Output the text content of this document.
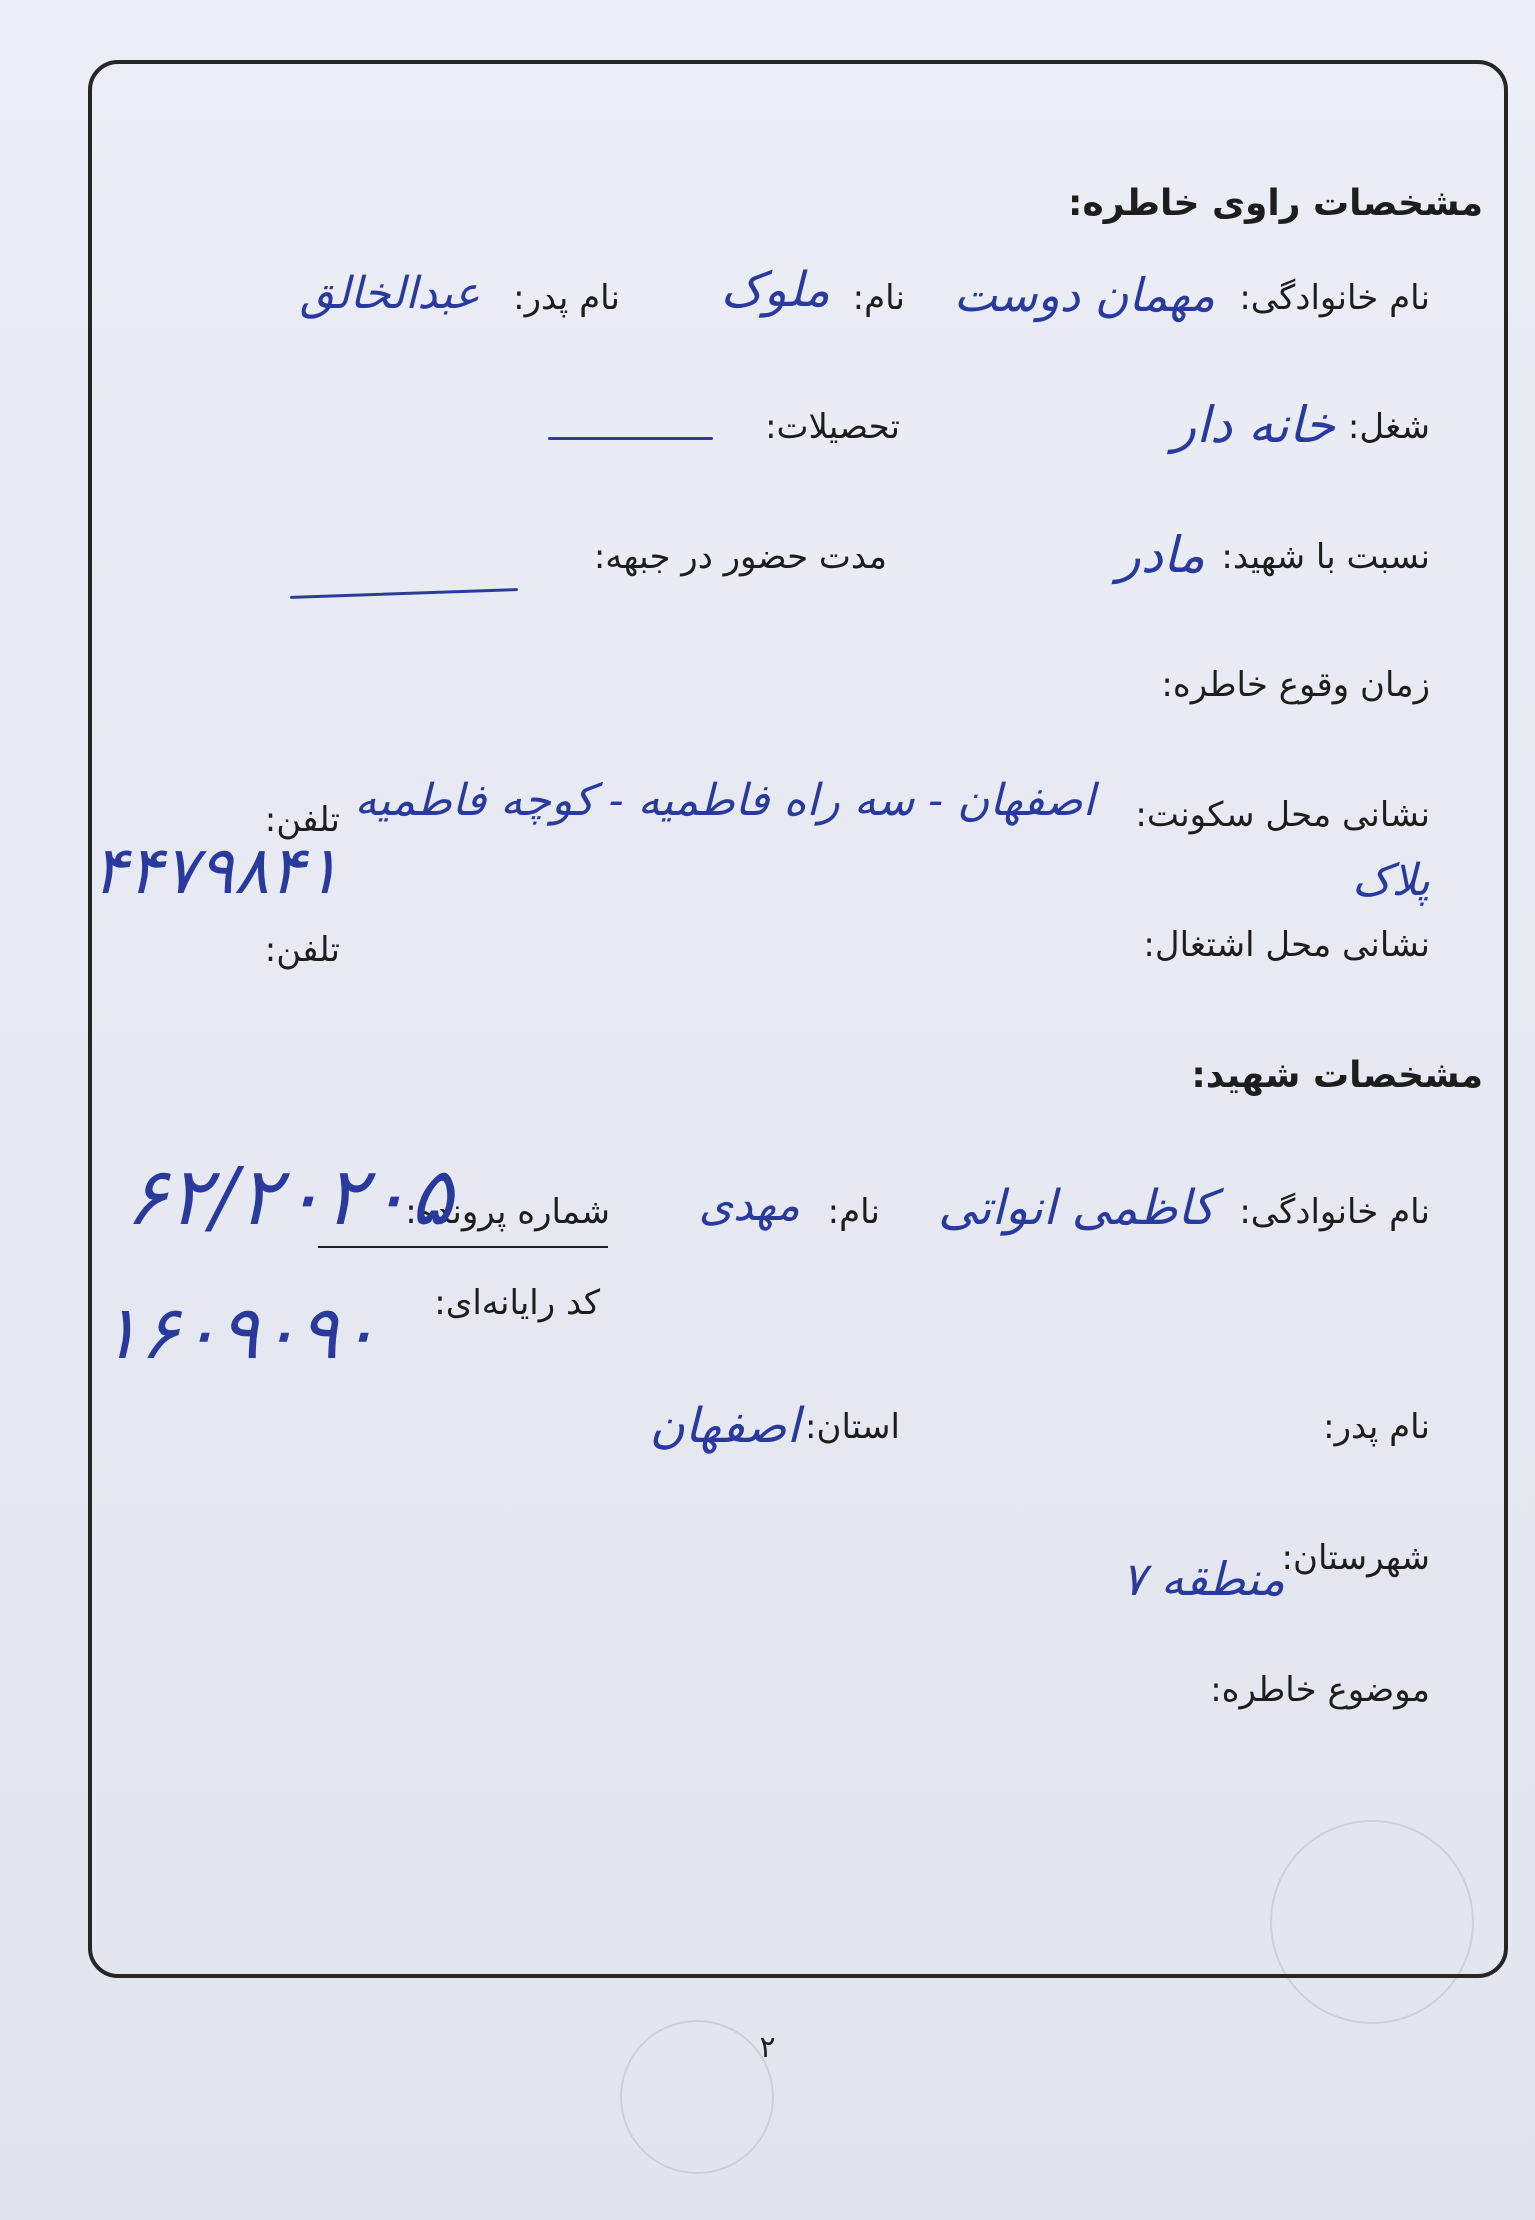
مشخصات راوی خاطره:
نام خانوادگی:
مهمان دوست
نام:
ملوک
نام پدر:
عبدالخالق
شغل:
خانه دار
تحصیلات:
نسبت با شهید:
مادر
مدت حضور در جبهه:
زمان وقوع خاطره:
نشانی محل سکونت:
اصفهان - سه راه فاطمیه - کوچه فاطمیه
پلاک
تلفن:
۴۴۷۹۸۴۱
نشانی محل اشتغال:
تلفن:
مشخصات شهید:
نام خانوادگی:
کاظمی انواتی
نام:
مهدی
شماره پرونده:
۶۲/۲۰۲۰۵
کد رایانه‌ای:
۱۶۰۹۰۹۰
نام پدر:
استان:
اصفهان
شهرستان:
منطقه ۷
موضوع خاطره:
۲
